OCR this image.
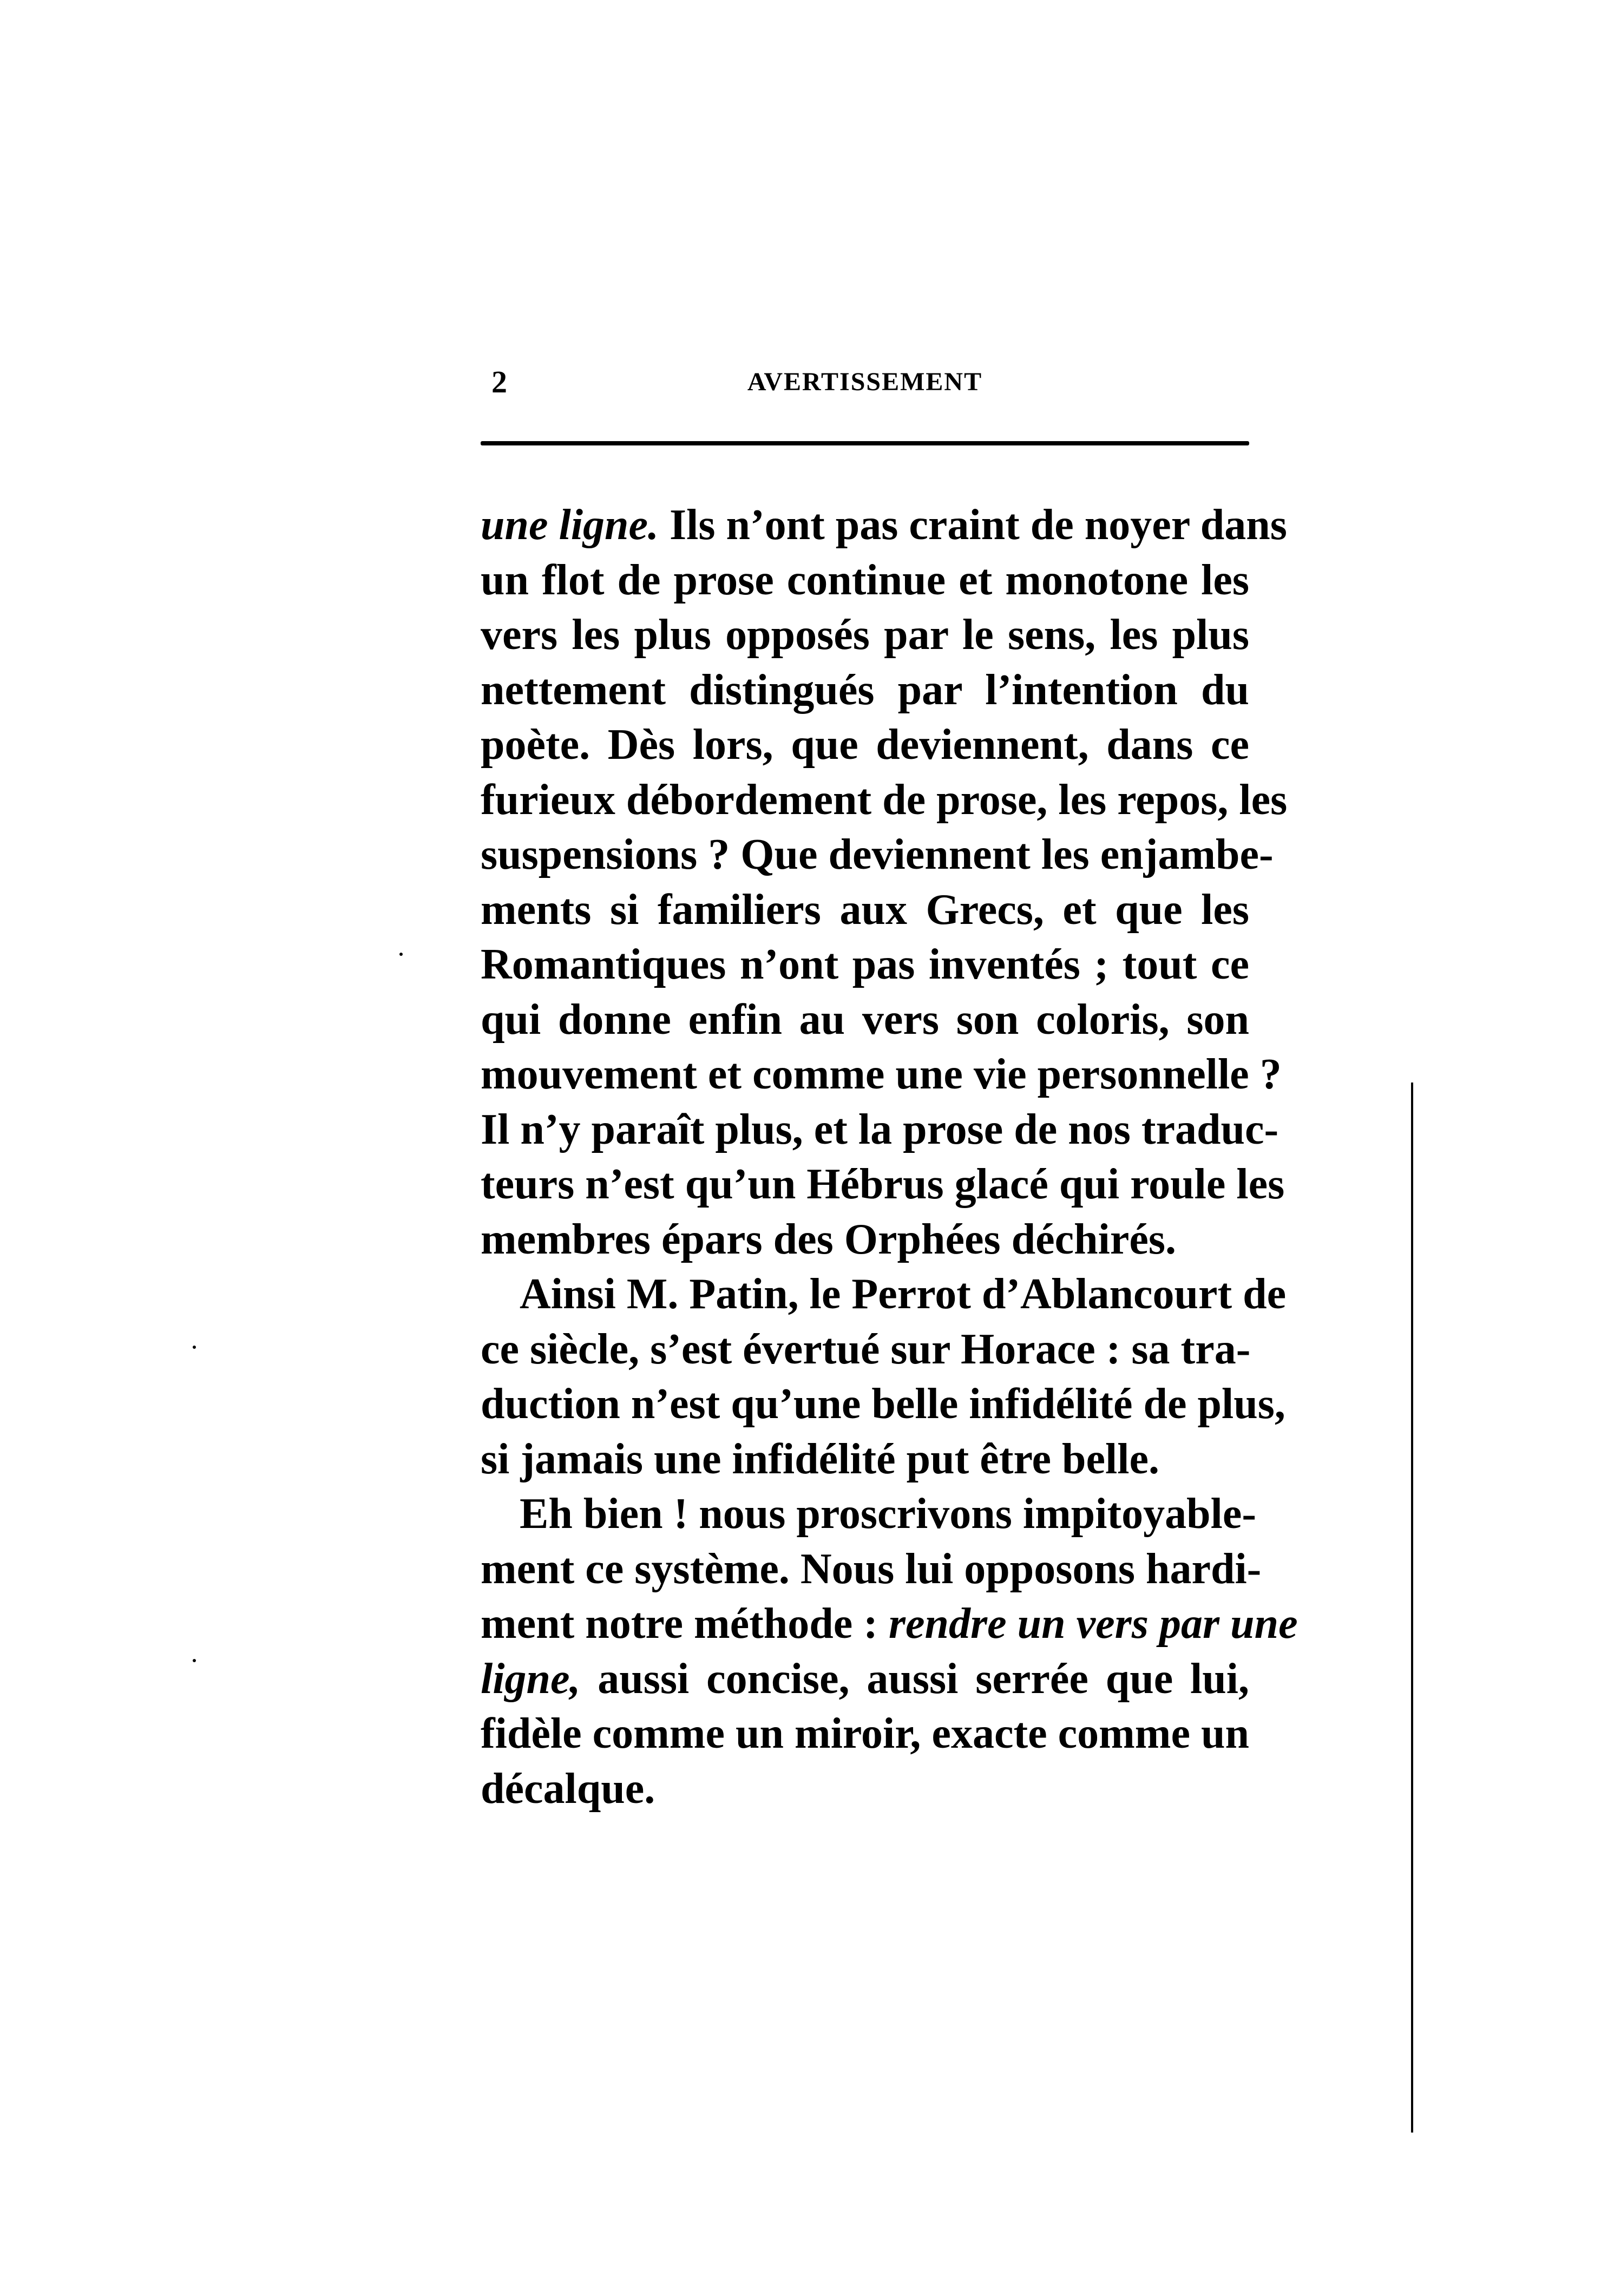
2	AVERTISSEMENT
une ligne. Ils n’ont pas craint de noyer dans
un flot de prose continue et monotone les
vers les plus opposés par le sens, les plus
nettement distingués par l’intention du
poète. Dès lors, que deviennent, dans ce
furieux débordement de prose, les repos, les
suspensions ? Que deviennent les enjambe-
ments si familiers aux Grecs, et que les
Romantiques n’ont pas inventés ; tout ce
qui donne enfin au vers son coloris, son
mouvement et comme une vie personnelle ?
Il n’y paraît plus, et la prose de nos traduc-
teurs n’est qu’un Hébrus glacé qui roule les
membres épars des Orphées déchirés.
Ainsi M. Patin, le Perrot d’Ablancourt de
ce siècle, s’est évertué sur Horace : sa tra-
duction n’est qu’une belle infidélité de plus,
si jamais une infidélité put être belle.
Eh bien ! nous proscrivons impitoyable-
ment ce système. Nous lui opposons hardi-
ment notre méthode : rendre un vers par une
ligne, aussi concise, aussi serrée que lui,
fidèle comme un miroir, exacte comme un
décalque.
